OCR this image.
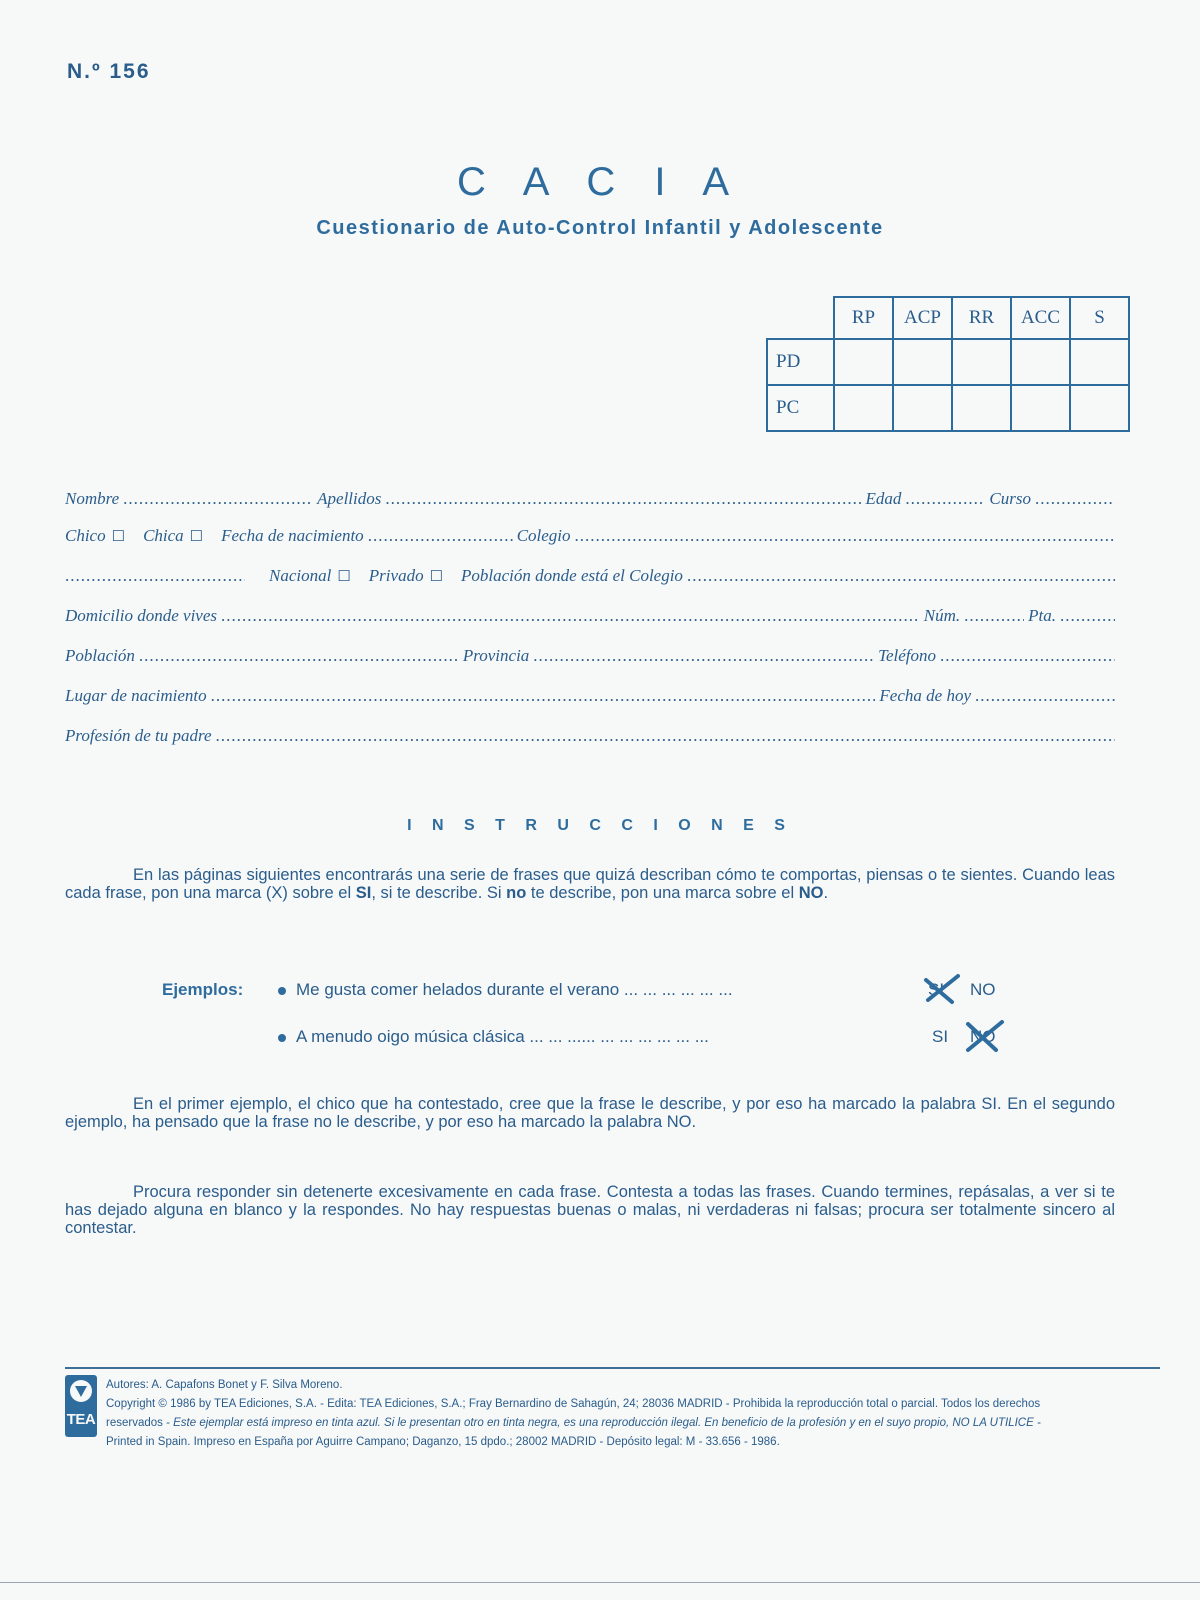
N.º 156
C A C I A
Cuestionario de Auto-Control Infantil y Adolescente
	RP	ACP	RR	ACC	S
PD					
PC					
Nombre .....	Apellidos .....	Edad .....	Curso
.....
Chico ☐ Chica ☐ Fecha de nacimiento .....	Colegio
.....
.....
Nacional ☐ Privado ☐ Población donde está el Colegio
.....
Domicilio donde vives .....	Núm. .....	Pta.
.....
Población .....	Provincia .....	Teléfono
.....
Lugar de nacimiento .....	Fecha de hoy
.....
Profesión de tu padre
.....
I N S T R U C C I O N E S
En las páginas siguientes encontrarás una serie de frases que quizá describan cómo te comportas, piensas o te sientes. Cuando leas cada frase, pon una marca (X) sobre el SI, si te describe. Si no te describe, pon una marca sobre el NO.
Ejemplos:	Me gusta comer helados durante el verano ... ... ... ... ... ...	SI NO
A menudo oigo música clásica ... ... ...... ... ... ... ... ... ...	SI NO
En el primer ejemplo, el chico que ha contestado, cree que la frase le describe, y por eso ha marcado la palabra SI. En el segundo ejemplo, ha pensado que la frase no le describe, y por eso ha marcado la palabra NO.
Procura responder sin detenerte excesivamente en cada frase. Contesta a todas las frases. Cuando termines, repásalas, a ver si te has dejado alguna en blanco y la respondes. No hay respuestas buenas o malas, ni verdaderas ni falsas; procura ser totalmente sincero al contestar.
TEA
Autores: A. Capafons Bonet y F. Silva Moreno.
Copyright © 1986 by TEA Ediciones, S.A. - Edita: TEA Ediciones, S.A.; Fray Bernardino de Sahagún, 24; 28036 MADRID - Prohibida la reproducción total o parcial. Todos los derechos
reservados - Este ejemplar está impreso en tinta azul. Si le presentan otro en tinta negra, es una reproducción ilegal. En beneficio de la profesión y en el suyo propio, NO LA UTILICE -
Printed in Spain. Impreso en España por Aguirre Campano; Daganzo, 15 dpdo.; 28002 MADRID - Depósito legal: M - 33.656 - 1986.
